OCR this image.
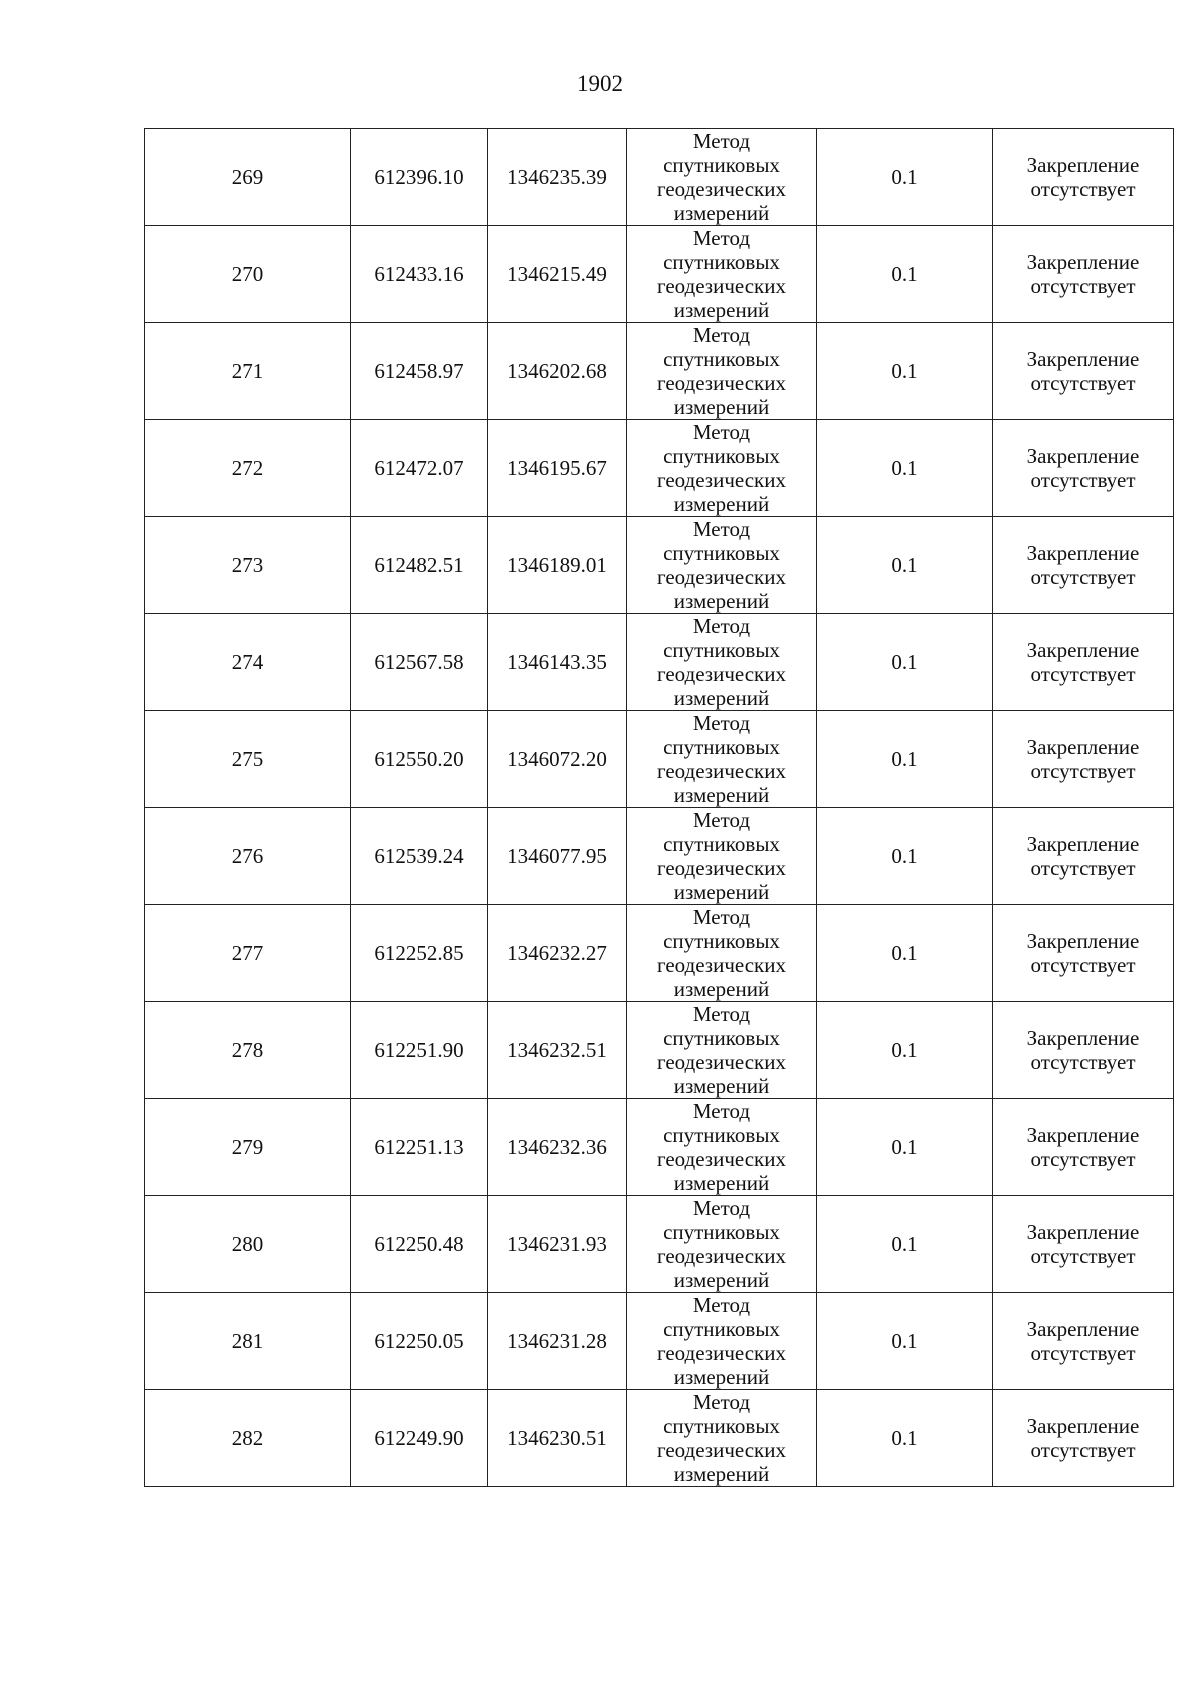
1902
269	612396.10	1346235.39	Метод
спутниковых
геодезических
измерений	0.1	Закрепление
отсутствует

270	612433.16	1346215.49	Метод
спутниковых
геодезических
измерений	0.1	Закрепление
отсутствует

271	612458.97	1346202.68	Метод
спутниковых
геодезических
измерений	0.1	Закрепление
отсутствует

272	612472.07	1346195.67	Метод
спутниковых
геодезических
измерений	0.1	Закрепление
отсутствует

273	612482.51	1346189.01	Метод
спутниковых
геодезических
измерений	0.1	Закрепление
отсутствует

274	612567.58	1346143.35	Метод
спутниковых
геодезических
измерений	0.1	Закрепление
отсутствует

275	612550.20	1346072.20	Метод
спутниковых
геодезических
измерений	0.1	Закрепление
отсутствует

276	612539.24	1346077.95	Метод
спутниковых
геодезических
измерений	0.1	Закрепление
отсутствует

277	612252.85	1346232.27	Метод
спутниковых
геодезических
измерений	0.1	Закрепление
отсутствует

278	612251.90	1346232.51	Метод
спутниковых
геодезических
измерений	0.1	Закрепление
отсутствует

279	612251.13	1346232.36	Метод
спутниковых
геодезических
измерений	0.1	Закрепление
отсутствует

280	612250.48	1346231.93	Метод
спутниковых
геодезических
измерений	0.1	Закрепление
отсутствует

281	612250.05	1346231.28	Метод
спутниковых
геодезических
измерений	0.1	Закрепление
отсутствует

282	612249.90	1346230.51	Метод
спутниковых
геодезических
измерений	0.1	Закрепление
отсутствует
